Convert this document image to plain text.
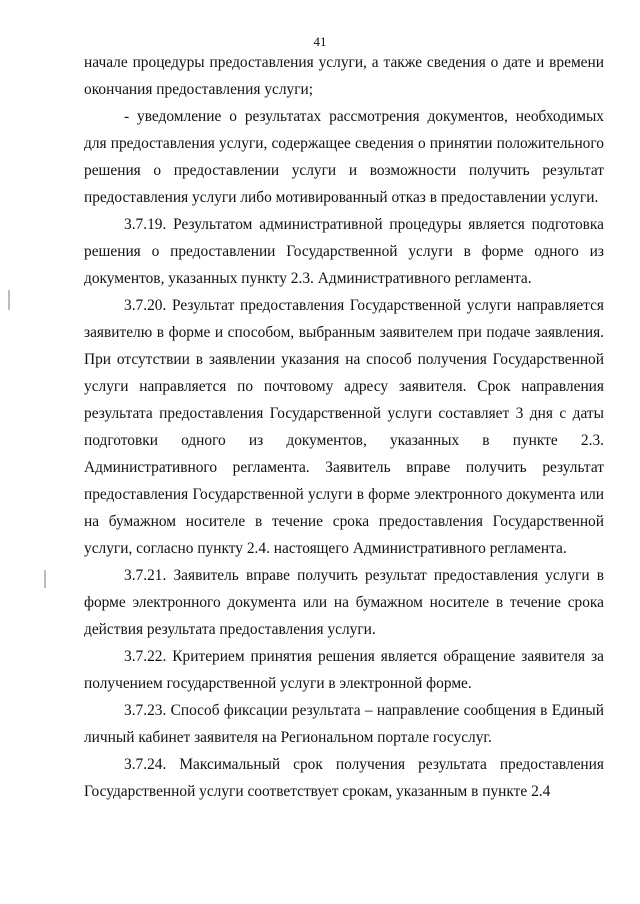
41

начале процедуры предоставления услуги, а также сведения о дате и времени окончания предоставления услуги;

- уведомление о результатах рассмотрения документов, необходимых для предоставления услуги, содержащее сведения о принятии положительного решения о предоставлении услуги и возможности получить результат предоставления услуги либо мотивированный отказ в предоставлении услуги.

3.7.19. Результатом административной процедуры является подготовка решения о предоставлении Государственной услуги в форме одного из документов, указанных пункту 2.3. Административного регламента.

3.7.20. Результат предоставления Государственной услуги направляется заявителю в форме и способом, выбранным заявителем при подаче заявления. При отсутствии в заявлении указания на способ получения Государственной услуги направляется по почтовому адресу заявителя. Срок направления результата предоставления Государственной услуги составляет 3 дня с даты подготовки одного из документов, указанных в пункте 2.3. Административного регламента. Заявитель вправе получить результат предоставления Государственной услуги в форме электронного документа или на бумажном носителе в течение срока предоставления Государственной услуги, согласно пункту 2.4. настоящего Административного регламента.

3.7.21. Заявитель вправе получить результат предоставления услуги в форме электронного документа или на бумажном носителе в течение срока действия результата предоставления услуги.

3.7.22. Критерием принятия решения является обращение заявителя за получением государственной услуги в электронной форме.

3.7.23. Способ фиксации результата – направление сообщения в Единый личный кабинет заявителя на Региональном портале госуслуг.

3.7.24. Максимальный срок получения результата предоставления Государственной услуги соответствует срокам, указанным в пункте 2.4
